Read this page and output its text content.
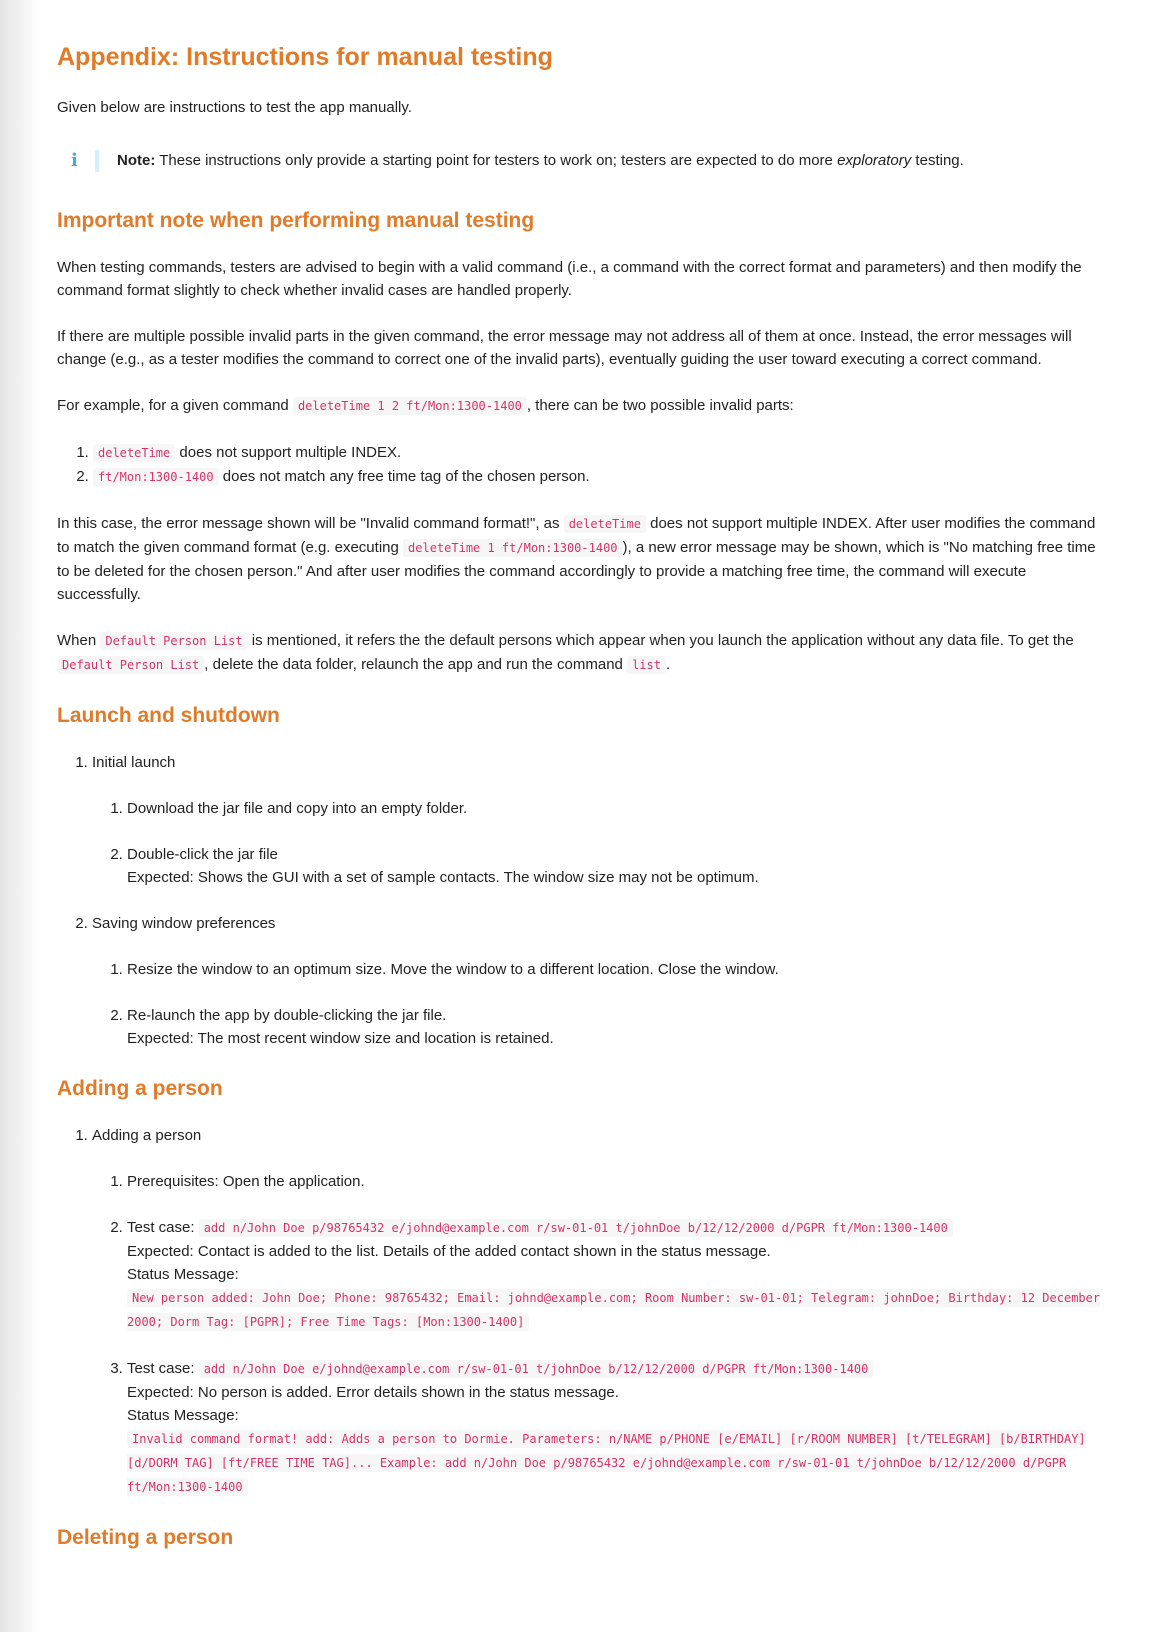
Appendix: Instructions for manual testing

Given below are instructions to test the app manually.

i	Note: These instructions only provide a starting point for testers to work on; testers are expected to do more exploratory testing.
Important note when performing manual testing

When testing commands, testers are advised to begin with a valid command (i.e., a command with the correct format and parameters) and then modify the command format slightly to check whether invalid cases are handled properly.

If there are multiple possible invalid parts in the given command, the error message may not address all of them at once. Instead, the error messages will change (e.g., as a tester modifies the command to correct one of the invalid parts), eventually guiding the user toward executing a correct command.

For example, for a given command deleteTime 1 2 ft/Mon:1300-1400 , there can be two possible invalid parts:

1. deleteTime does not support multiple INDEX.
2. ft/Mon:1300-1400 does not match any free time tag of the chosen person.

In this case, the error message shown will be "Invalid command format!", as deleteTime does not support multiple INDEX. After user modifies the command to match the given command format (e.g. executing deleteTime 1 ft/Mon:1300-1400 ), a new error message may be shown, which is "No matching free time to be deleted for the chosen person." And after user modifies the command accordingly to provide a matching free time, the command will execute successfully.

When Default Person List is mentioned, it refers the the default persons which appear when you launch the application without any data file. To get the Default Person List , delete the data folder, relaunch the app and run the command list .

Launch and shutdown
1. Initial launch
1. Download the jar file and copy into an empty folder.
2. Double-click the jar file
Expected: Shows the GUI with a set of sample contacts. The window size may not be optimum.
2. Saving window preferences
1. Resize the window to an optimum size. Move the window to a different location. Close the window.
2. Re-launch the app by double-clicking the jar file.
Expected: The most recent window size and location is retained.
Adding a person
1. Adding a person
1. Prerequisites: Open the application.
2. Test case: add n/John Doe p/98765432 e/johnd@example.com r/sw-01-01 t/johnDoe b/12/12/2000 d/PGPR ft/Mon:1300-1400
Expected: Contact is added to the list. Details of the added contact shown in the status message.
Status Message:
New person added: John Doe; Phone: 98765432; Email: johnd@example.com; Room Number: sw-01-01; Telegram: johnDoe; Birthday: 12 December 2000; Dorm Tag: [PGPR]; Free Time Tags: [Mon:1300-1400]
3. Test case: add n/John Doe e/johnd@example.com r/sw-01-01 t/johnDoe b/12/12/2000 d/PGPR ft/Mon:1300-1400
Expected: No person is added. Error details shown in the status message.
Status Message:
Invalid command format! add: Adds a person to Dormie. Parameters: n/NAME p/PHONE [e/EMAIL] [r/ROOM NUMBER] [t/TELEGRAM] [b/BIRTHDAY] [d/DORM TAG] [ft/FREE TIME TAG]... Example: add n/John Doe p/98765432 e/johnd@example.com r/sw-01-01 t/johnDoe b/12/12/2000 d/PGPR ft/Mon:1300-1400
Deleting a person
